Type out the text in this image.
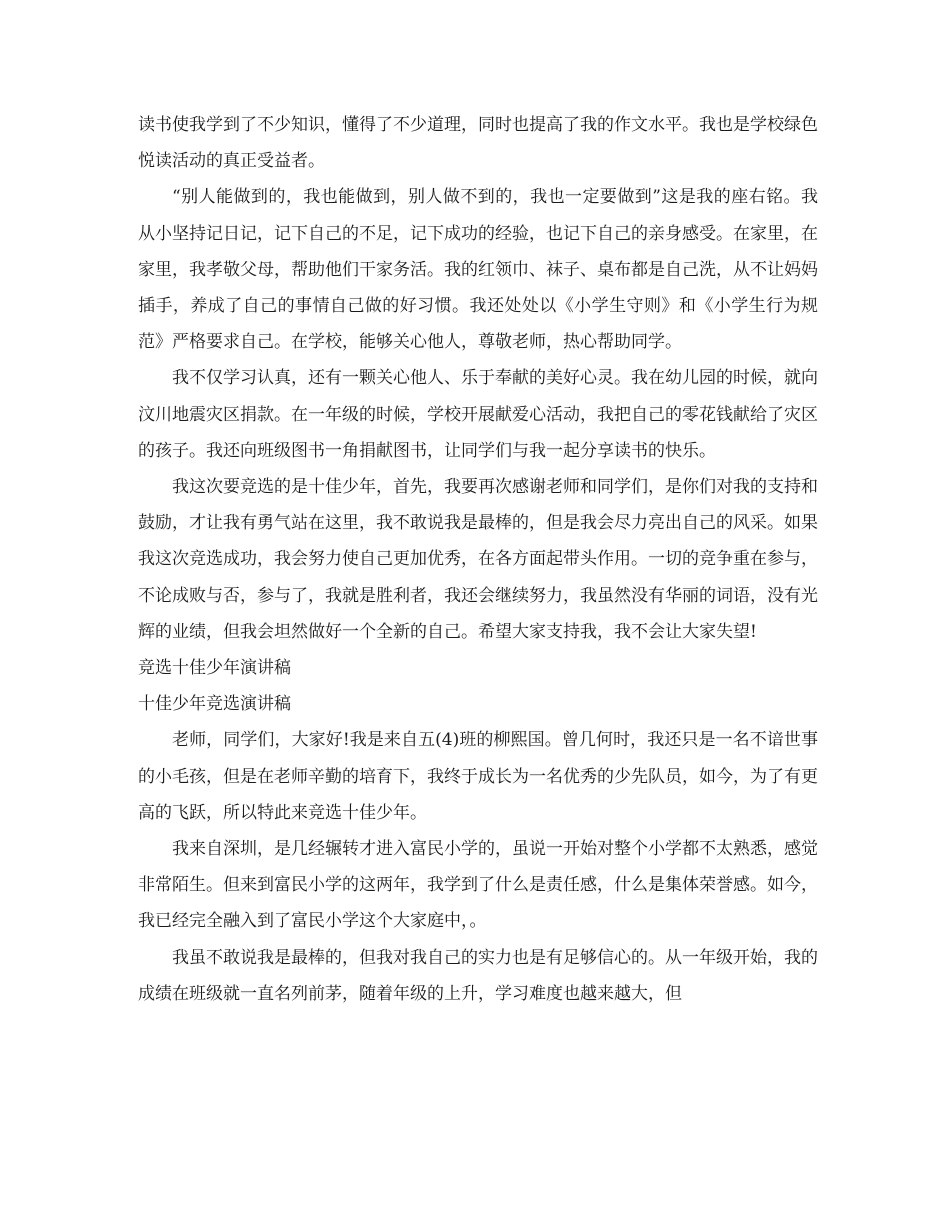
读书使我学到了不少知识，懂得了不少道理，同时也提高了我的作文水平。我也是学校绿色悦读活动的真正受益者。

“别人能做到的，我也能做到，别人做不到的，我也一定要做到”这是我的座右铭。我从小坚持记日记，记下自己的不足，记下成功的经验，也记下自己的亲身感受。在家里，在家里，我孝敬父母，帮助他们干家务活。我的红领巾、袜子、桌布都是自己洗，从不让妈妈插手，养成了自己的事情自己做的好习惯。我还处处以《小学生守则》和《小学生行为规范》严格要求自己。在学校，能够关心他人，尊敬老师，热心帮助同学。

我不仅学习认真，还有一颗关心他人、乐于奉献的美好心灵。我在幼儿园的时候，就向汶川地震灾区捐款。在一年级的时候，学校开展献爱心活动，我把自己的零花钱献给了灾区的孩子。我还向班级图书一角捐献图书，让同学们与我一起分享读书的快乐。

我这次要竞选的是十佳少年，首先，我要再次感谢老师和同学们，是你们对我的支持和鼓励，才让我有勇气站在这里，我不敢说我是最棒的，但是我会尽力亮出自己的风采。如果我这次竞选成功，我会努力使自己更加优秀，在各方面起带头作用。一切的竞争重在参与，不论成败与否，参与了，我就是胜利者，我还会继续努力，我虽然没有华丽的词语，没有光辉的业绩，但我会坦然做好一个全新的自己。希望大家支持我，我不会让大家失望!

竞选十佳少年演讲稿

十佳少年竞选演讲稿

老师，同学们，大家好!我是来自五(4)班的柳熙国。曾几何时，我还只是一名不谙世事的小毛孩，但是在老师辛勤的培育下，我终于成长为一名优秀的少先队员，如今，为了有更高的飞跃，所以特此来竞选十佳少年。

我来自深圳，是几经辗转才进入富民小学的，虽说一开始对整个小学都不太熟悉，感觉非常陌生。但来到富民小学的这两年，我学到了什么是责任感，什么是集体荣誉感。如今，我已经完全融入到了富民小学这个大家庭中，。

我虽不敢说我是最棒的，但我对我自己的实力也是有足够信心的。从一年级开始，我的成绩在班级就一直名列前茅，随着年级的上升，学习难度也越来越大，但
